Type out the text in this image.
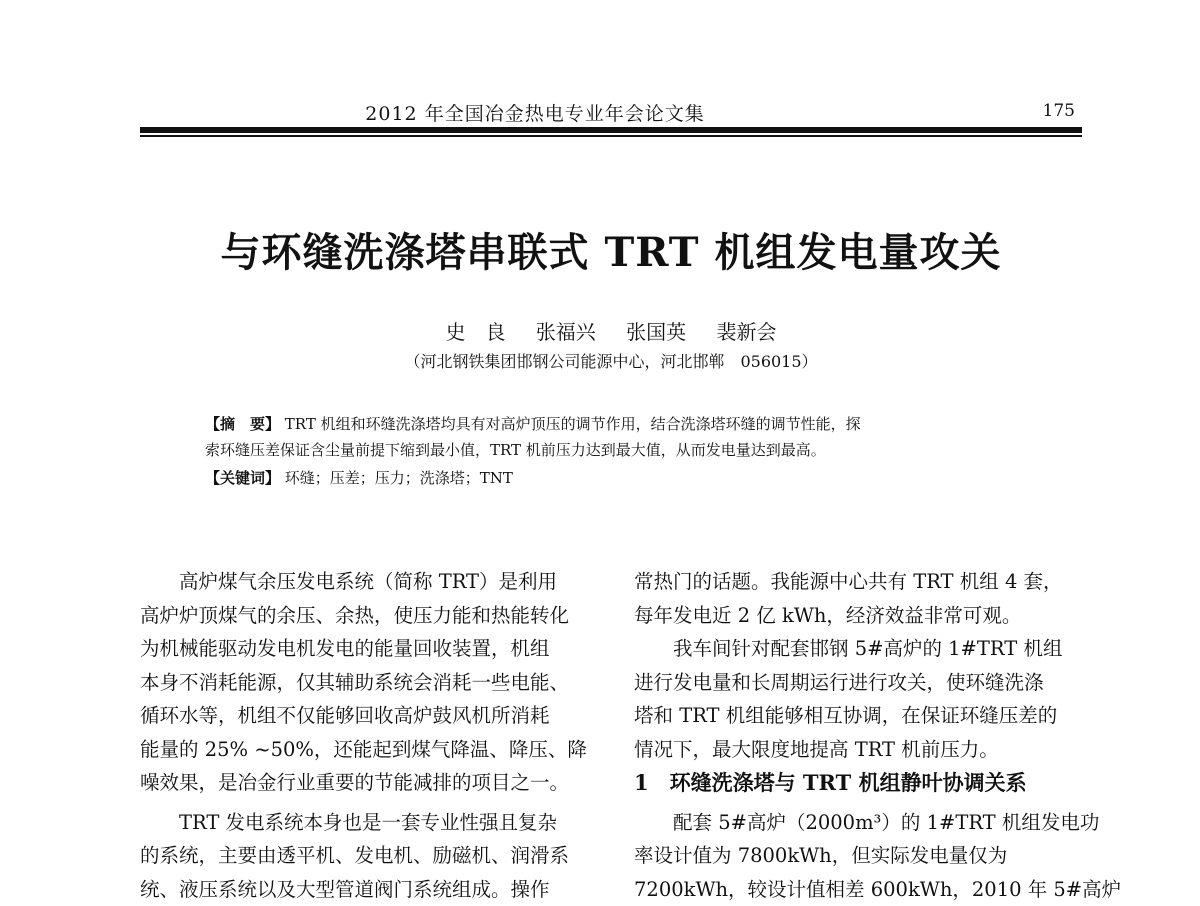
2012 年全国冶金热电专业年会论文集	175
与环缝洗涤塔串联式 TRT 机组发电量攻关
史　良 张福兴 张国英 裴新会
（河北钢铁集团邯钢公司能源中心，河北邯郸　056015）
【摘　要】 TRT 机组和环缝洗涤塔均具有对高炉顶压的调节作用，结合洗涤塔环缝的调节性能，探
索环缝压差保证含尘量前提下缩到最小值，TRT 机前压力达到最大值，从而发电量达到最高。
【关键词】 环缝；压差；压力；洗涤塔；TNT
　　高炉煤气余压发电系统（简称 TRT）是利用
高炉炉顶煤气的余压、余热，使压力能和热能转化
为机械能驱动发电机发电的能量回收装置，机组
本身不消耗能源，仅其辅助系统会消耗一些电能、
循环水等，机组不仅能够回收高炉鼓风机所消耗
能量的 25% ~50%，还能起到煤气降温、降压、降
噪效果，是冶金行业重要的节能减排的项目之一。
　　TRT 发电系统本身也是一套专业性强且复杂
的系统，主要由透平机、发电机、励磁机、润滑系
统、液压系统以及大型管道阀门系统组成。操作
常热门的话题。我能源中心共有 TRT 机组 4 套，
每年发电近 2 亿 kWh，经济效益非常可观。
　　我车间针对配套邯钢 5#高炉的 1#TRT 机组
进行发电量和长周期运行进行攻关，使环缝洗涤
塔和 TRT 机组能够相互协调，在保证环缝压差的
情况下，最大限度地提高 TRT 机前压力。
1　环缝洗涤塔与 TRT 机组静叶协调关系
　　配套 5#高炉（2000m³）的 1#TRT 机组发电功
率设计值为 7800kWh，但实际发电量仅为
7200kWh，较设计值相差 600kWh，2010 年 5#高炉
